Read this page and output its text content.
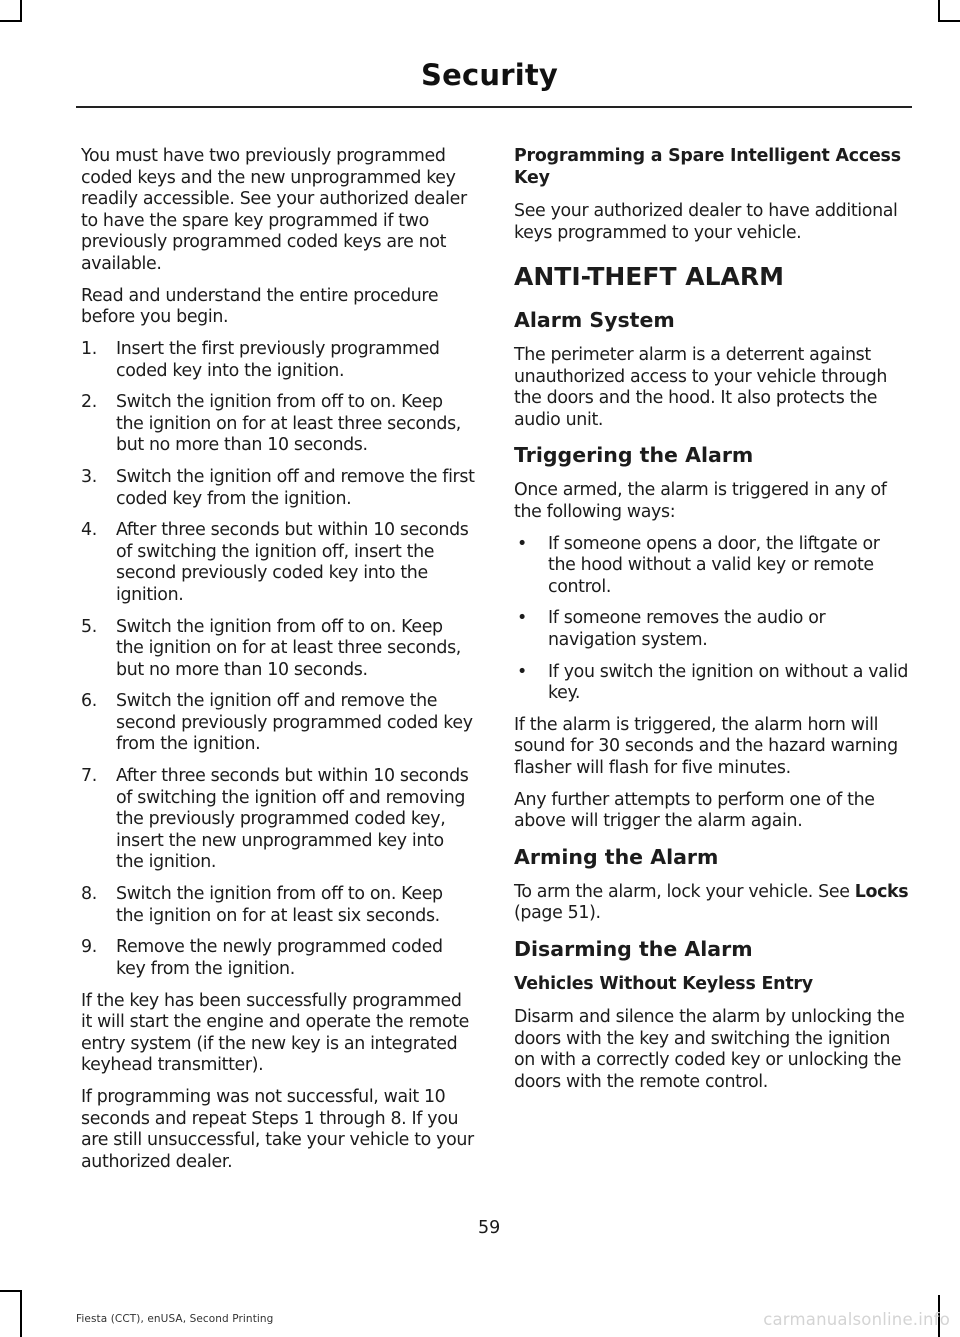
Security

You must have two previously programmed coded keys and the new unprogrammed key readily accessible. See your authorized dealer to have the spare key programmed if two previously programmed coded keys are not available.

Read and understand the entire procedure before you begin.

1. Insert the first previously programmed coded key into the ignition.
2. Switch the ignition from off to on. Keep the ignition on for at least three seconds, but no more than 10 seconds.
3. Switch the ignition off and remove the first coded key from the ignition.
4. After three seconds but within 10 seconds of switching the ignition off, insert the second previously coded key into the ignition.
5. Switch the ignition from off to on. Keep the ignition on for at least three seconds, but no more than 10 seconds.
6. Switch the ignition off and remove the second previously programmed coded key from the ignition.
7. After three seconds but within 10 seconds of switching the ignition off and removing the previously programmed coded key, insert the new unprogrammed key into the ignition.
8. Switch the ignition from off to on. Keep the ignition on for at least six seconds.
9. Remove the newly programmed coded key from the ignition.

If the key has been successfully programmed it will start the engine and operate the remote entry system (if the new key is an integrated keyhead transmitter).

If programming was not successful, wait 10 seconds and repeat Steps 1 through 8. If you are still unsuccessful, take your vehicle to your authorized dealer.

Programming a Spare Intelligent Access Key

See your authorized dealer to have additional keys programmed to your vehicle.

ANTI-THEFT ALARM
Alarm System

The perimeter alarm is a deterrent against unauthorized access to your vehicle through the doors and the hood. It also protects the audio unit.

Triggering the Alarm

Once armed, the alarm is triggered in any of the following ways:

• If someone opens a door, the liftgate or the hood without a valid key or remote control.
• If someone removes the audio or navigation system.
• If you switch the ignition on without a valid key.

If the alarm is triggered, the alarm horn will sound for 30 seconds and the hazard warning flasher will flash for five minutes.

Any further attempts to perform one of the above will trigger the alarm again.

Arming the Alarm

To arm the alarm, lock your vehicle. See Locks (page 51).

Disarming the Alarm
Vehicles Without Keyless Entry

Disarm and silence the alarm by unlocking the doors with the key and switching the ignition on with a correctly coded key or unlocking the doors with the remote control.

59
Fiesta (CCT), enUSA, Second Printing	carmanualsonline.info
